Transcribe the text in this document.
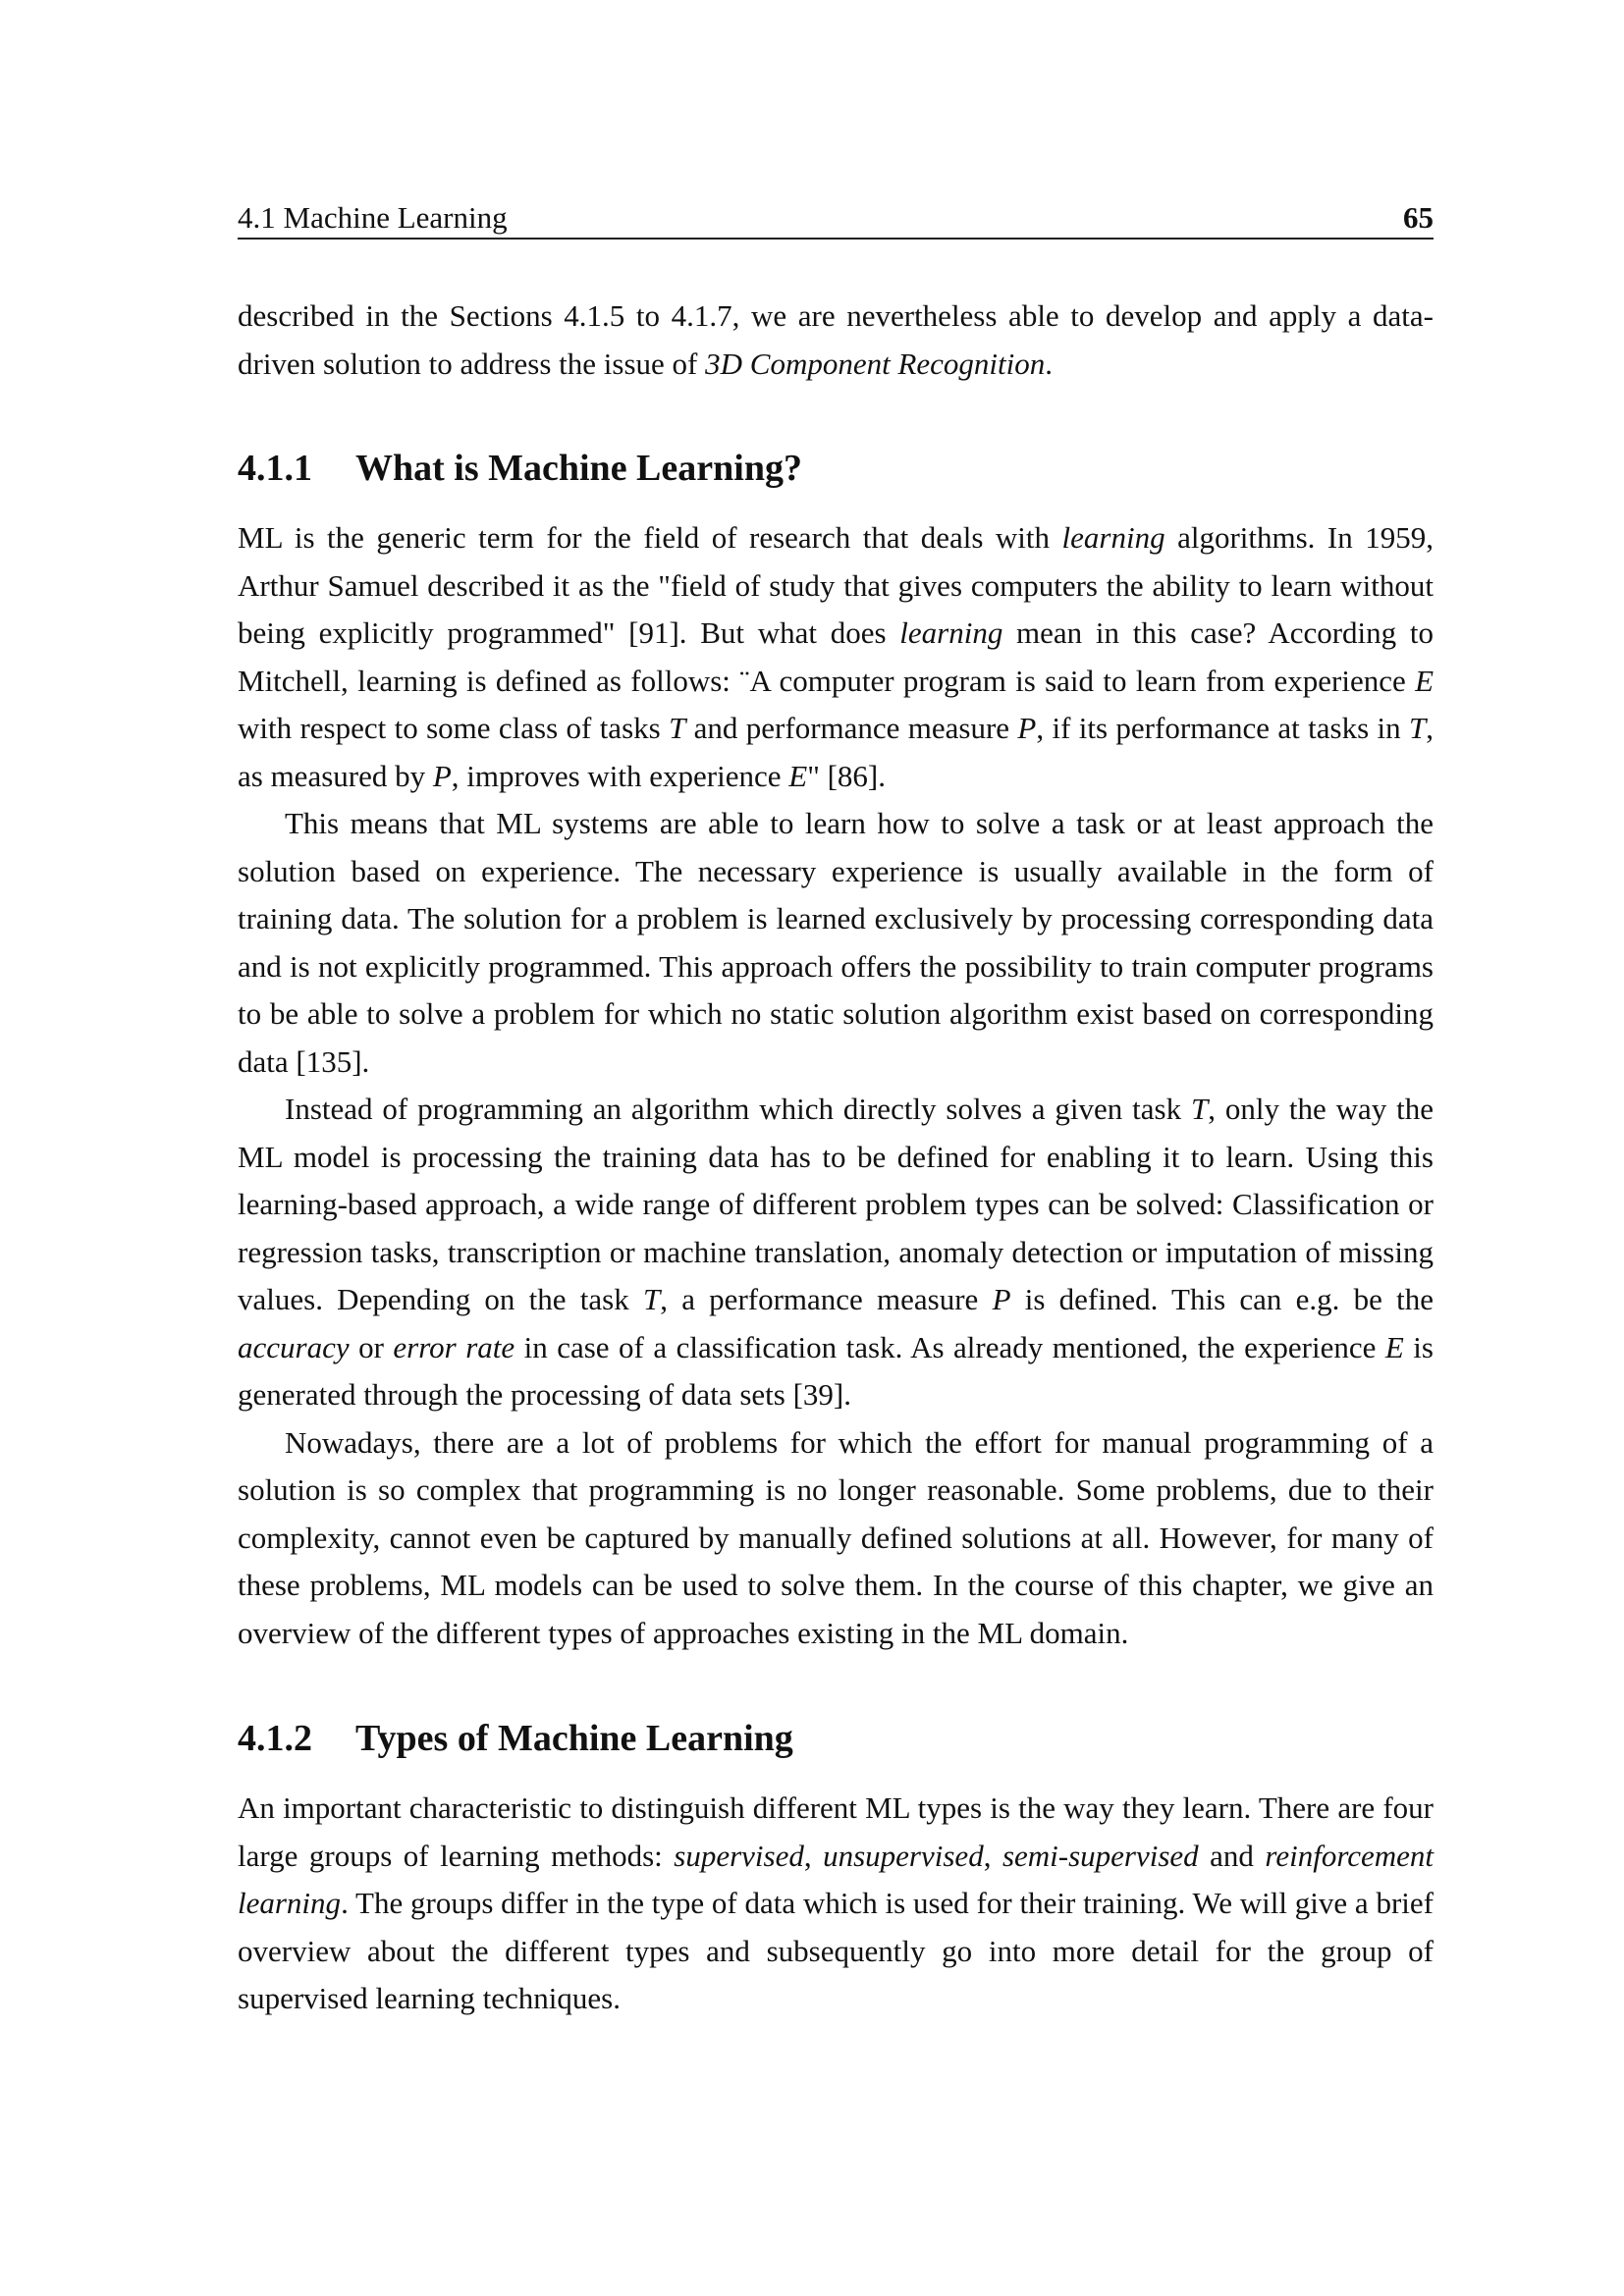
4.1 Machine Learning	65

described in the Sections 4.1.5 to 4.1.7, we are nevertheless able to develop and apply a data-driven solution to address the issue of 3D Component Recognition.

4.1.1 What is Machine Learning?

ML is the generic term for the field of research that deals with learning algorithms. In 1959, Arthur Samuel described it as the "field of study that gives computers the ability to learn without being explicitly programmed" [91]. But what does learning mean in this case? According to Mitchell, learning is defined as follows: ¨A computer program is said to learn from experience E with respect to some class of tasks T and performance measure P, if its performance at tasks in T, as measured by P, improves with experience E" [86].

This means that ML systems are able to learn how to solve a task or at least approach the solution based on experience. The necessary experience is usually available in the form of training data. The solution for a problem is learned exclusively by processing corresponding data and is not explicitly programmed. This approach offers the possibility to train computer programs to be able to solve a problem for which no static solution algorithm exist based on corresponding data [135].

Instead of programming an algorithm which directly solves a given task T, only the way the ML model is processing the training data has to be defined for enabling it to learn. Using this learning-based approach, a wide range of different problem types can be solved: Classification or regression tasks, transcription or machine translation, anomaly detection or imputation of missing values. Depending on the task T, a performance measure P is defined. This can e.g. be the accuracy or error rate in case of a classification task. As already mentioned, the experience E is generated through the processing of data sets [39].

Nowadays, there are a lot of problems for which the effort for manual programming of a solution is so complex that programming is no longer reasonable. Some problems, due to their complexity, cannot even be captured by manually defined solutions at all. However, for many of these problems, ML models can be used to solve them. In the course of this chapter, we give an overview of the different types of approaches existing in the ML domain.

4.1.2 Types of Machine Learning

An important characteristic to distinguish different ML types is the way they learn. There are four large groups of learning methods: supervised, unsupervised, semi-supervised and reinforcement learning. The groups differ in the type of data which is used for their training. We will give a brief overview about the different types and subsequently go into more detail for the group of supervised learning techniques.
